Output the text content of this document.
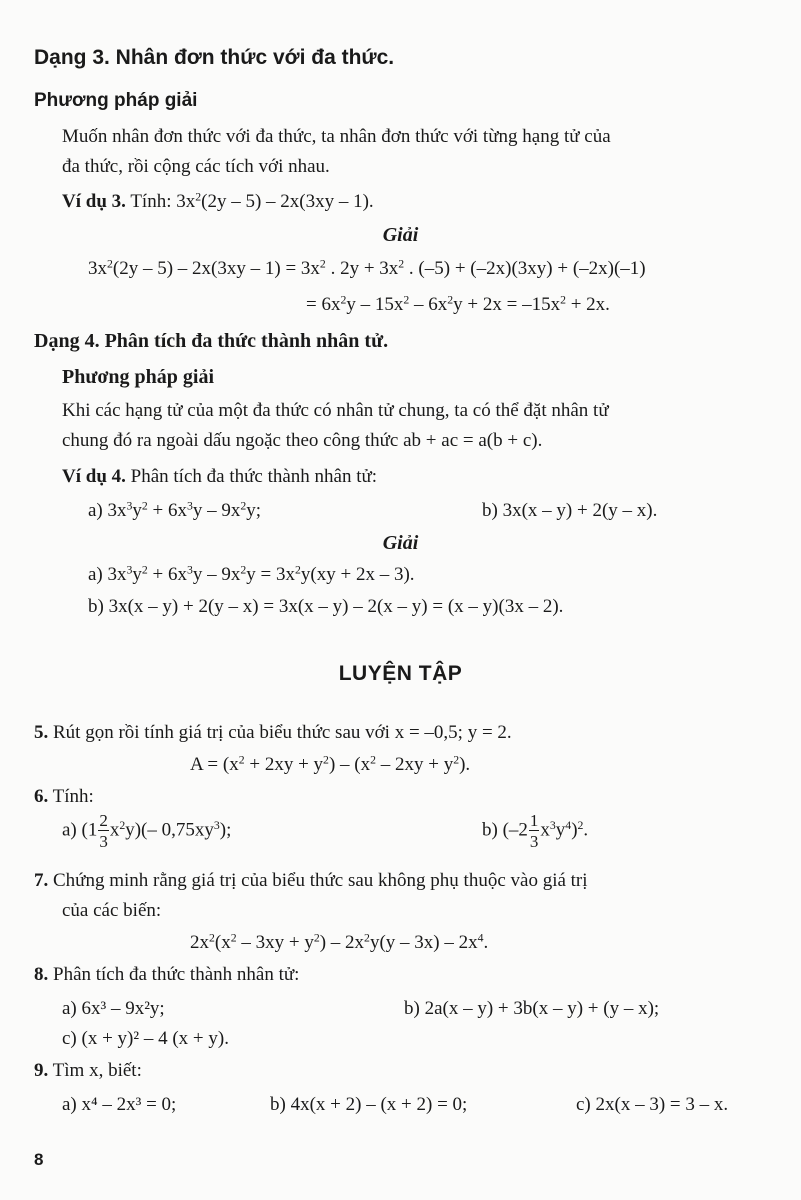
Dạng 3. Nhân đơn thức với đa thức.
Phương pháp giải
Muốn nhân đơn thức với đa thức, ta nhân đơn thức với từng hạng tử của
đa thức, rồi cộng các tích với nhau.
Ví dụ 3. Tính: $3x^2(2y - 5) - 2x(3xy - 1)$.
Giải
$3x^2(2y - 5) - 2x(3xy - 1) = 3x^2$ . $2y + 3x^2$ . (–5) + (–2x)(3xy) + (–2x)(–1)
= $6x^2y - 15x^2 - 6x^2y + 2x = -15x^2 + 2x$.
Dạng 4. Phân tích đa thức thành nhân tử.
Phương pháp giải
Khi các hạng tử của một đa thức có nhân tử chung, ta có thể đặt nhân tử
chung đó ra ngoài dấu ngoặc theo công thức ab + ac = a(b + c).
Ví dụ 4. Phân tích đa thức thành nhân tử:
a) $3x^3y^2 + 6x^3y - 9x^2y$;	b) 3x(x – y) + 2(y – x).
Giải
a) $3x^3y^2 + 6x^3y - 9x^2y = 3x^2y(xy + 2x - 3)$.
b) 3x(x – y) + 2(y – x) = 3x(x – y) – 2(x – y) = (x – y)(3x – 2).
LUYỆN TẬP
5. Rút gọn rồi tính giá trị của biểu thức sau với x = –0,5; y = 2.
$A = (x^2 + 2xy + y^2) - (x^2 - 2xy + y^2)$.
6. Tính:
a) $(1 \frac{2}{3} x^2y)(-$ $0,75xy^3$);	b) $(-2 \frac{1}{3} x^3y^4)^2$.
7. Chứng minh rằng giá trị của biểu thức sau không phụ thuộc vào giá trị
của các biến:
$2x^2(x^2 - 3xy + y^2) - 2x^2y(y - 3x) - 2x^4$.
8. Phân tích đa thức thành nhân tử:
a) 6x³ – 9x²y;	b) 2a(x – y) + 3b(x – y) + (y – x);
c) (x + y)² – 4 (x + y).
9. Tìm x, biết:
a) x⁴ – 2x³ = 0;	b) 4x(x + 2) – (x + 2) = 0;	c) 2x(x – 3) = 3 – x.
8
